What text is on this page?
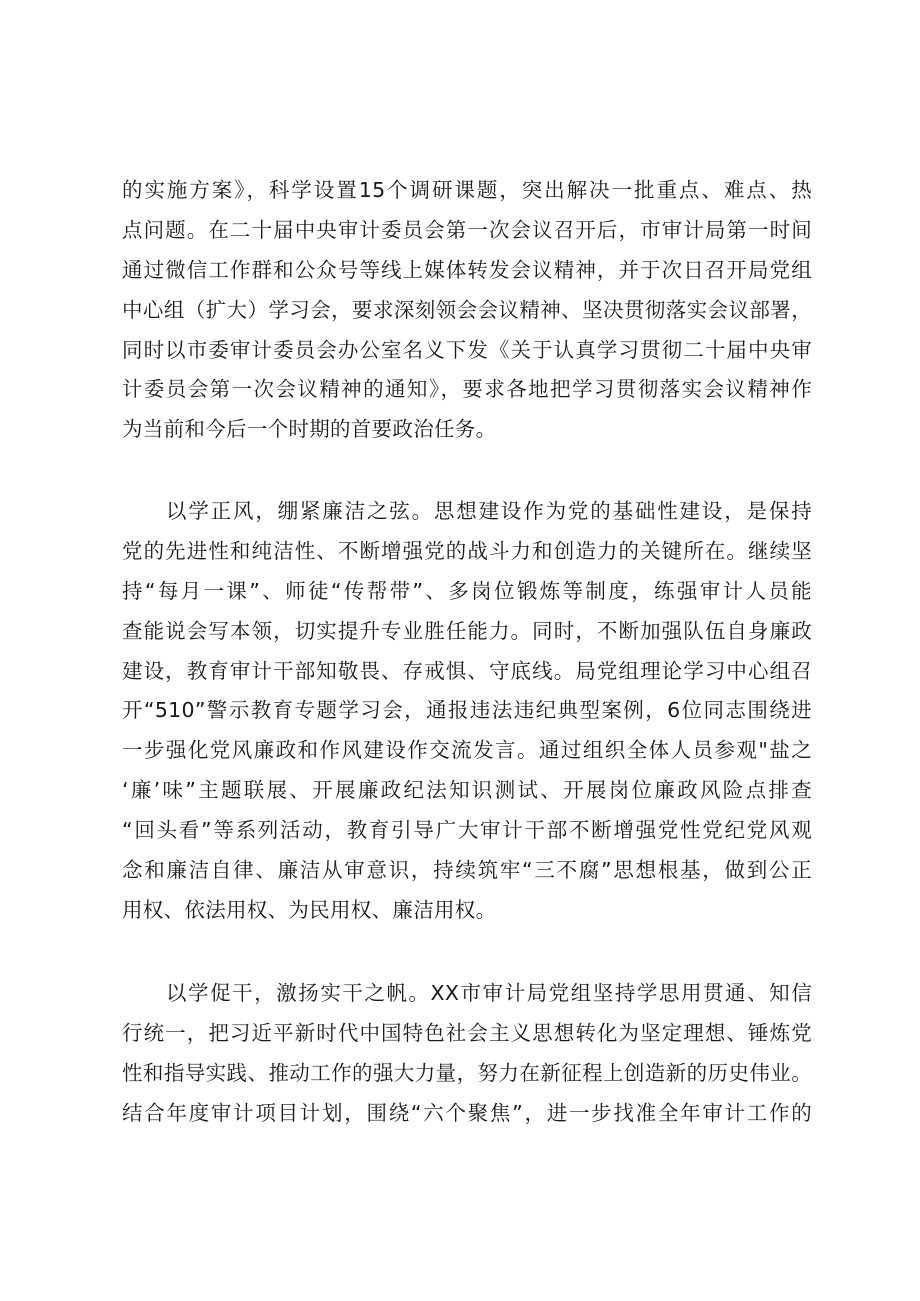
的实施方案》，科学设置15个调研课题，突出解决一批重点、难点、热
点问题。在二十届中央审计委员会第一次会议召开后，市审计局第一时间
通过微信工作群和公众号等线上媒体转发会议精神，并于次日召开局党组
中心组（扩大）学习会，要求深刻领会会议精神、坚决贯彻落实会议部署，
同时以市委审计委员会办公室名义下发《关于认真学习贯彻二十届中央审
计委员会第一次会议精神的通知》，要求各地把学习贯彻落实会议精神作
为当前和今后一个时期的首要政治任务。
以学正风，绷紧廉洁之弦。思想建设作为党的基础性建设，是保持
党的先进性和纯洁性、不断增强党的战斗力和创造力的关键所在。继续坚
持“每月一课”、师徒“传帮带”、多岗位锻炼等制度，练强审计人员能
查能说会写本领，切实提升专业胜任能力。同时，不断加强队伍自身廉政
建设，教育审计干部知敬畏、存戒惧、守底线。局党组理论学习中心组召
开“510”警示教育专题学习会，通报违法违纪典型案例，6位同志围绕进
一步强化党风廉政和作风建设作交流发言。通过组织全体人员参观"盐之
‘廉’味”主题联展、开展廉政纪法知识测试、开展岗位廉政风险点排查
“回头看”等系列活动，教育引导广大审计干部不断增强党性党纪党风观
念和廉洁自律、廉洁从审意识，持续筑牢“三不腐”思想根基，做到公正
用权、依法用权、为民用权、廉洁用权。
以学促干，激扬实干之帆。XX市审计局党组坚持学思用贯通、知信
行统一，把习近平新时代中国特色社会主义思想转化为坚定理想、锤炼党
性和指导实践、推动工作的强大力量，努力在新征程上创造新的历史伟业。
结合年度审计项目计划，围绕“六个聚焦”，进一步找准全年审计工作的
